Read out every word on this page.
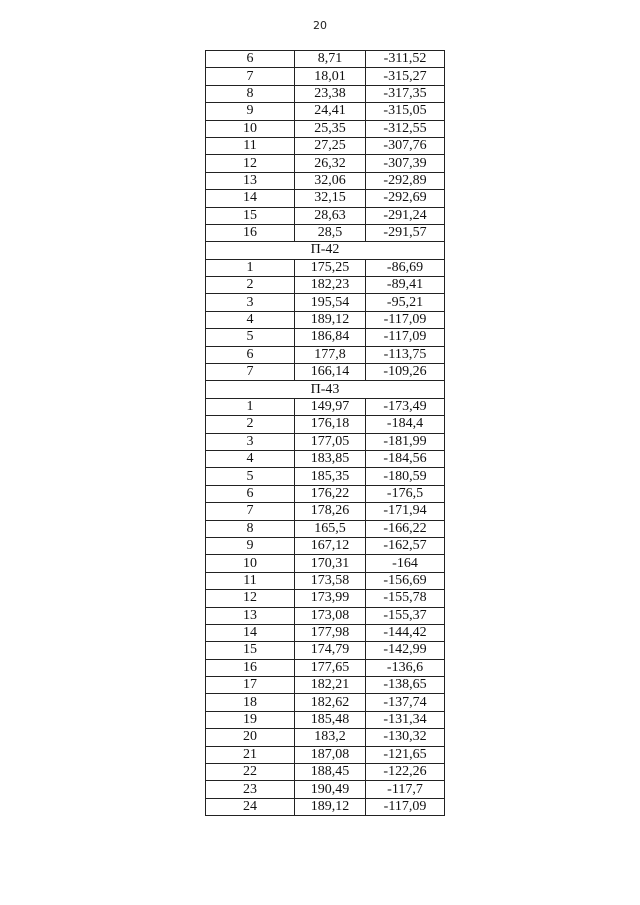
20
6	8,71	-311,52
7	18,01	-315,27
8	23,38	-317,35
9	24,41	-315,05
10	25,35	-312,55
11	27,25	-307,76
12	26,32	-307,39
13	32,06	-292,89
14	32,15	-292,69
15	28,63	-291,24
16	28,5	-291,57
П-42		
1	175,25	-86,69
2	182,23	-89,41
3	195,54	-95,21
4	189,12	-117,09
5	186,84	-117,09
6	177,8	-113,75
7	166,14	-109,26
П-43		
1	149,97	-173,49
2	176,18	-184,4
3	177,05	-181,99
4	183,85	-184,56
5	185,35	-180,59
6	176,22	-176,5
7	178,26	-171,94
8	165,5	-166,22
9	167,12	-162,57
10	170,31	-164
11	173,58	-156,69
12	173,99	-155,78
13	173,08	-155,37
14	177,98	-144,42
15	174,79	-142,99
16	177,65	-136,6
17	182,21	-138,65
18	182,62	-137,74
19	185,48	-131,34
20	183,2	-130,32
21	187,08	-121,65
22	188,45	-122,26
23	190,49	-117,7
24	189,12	-117,09
